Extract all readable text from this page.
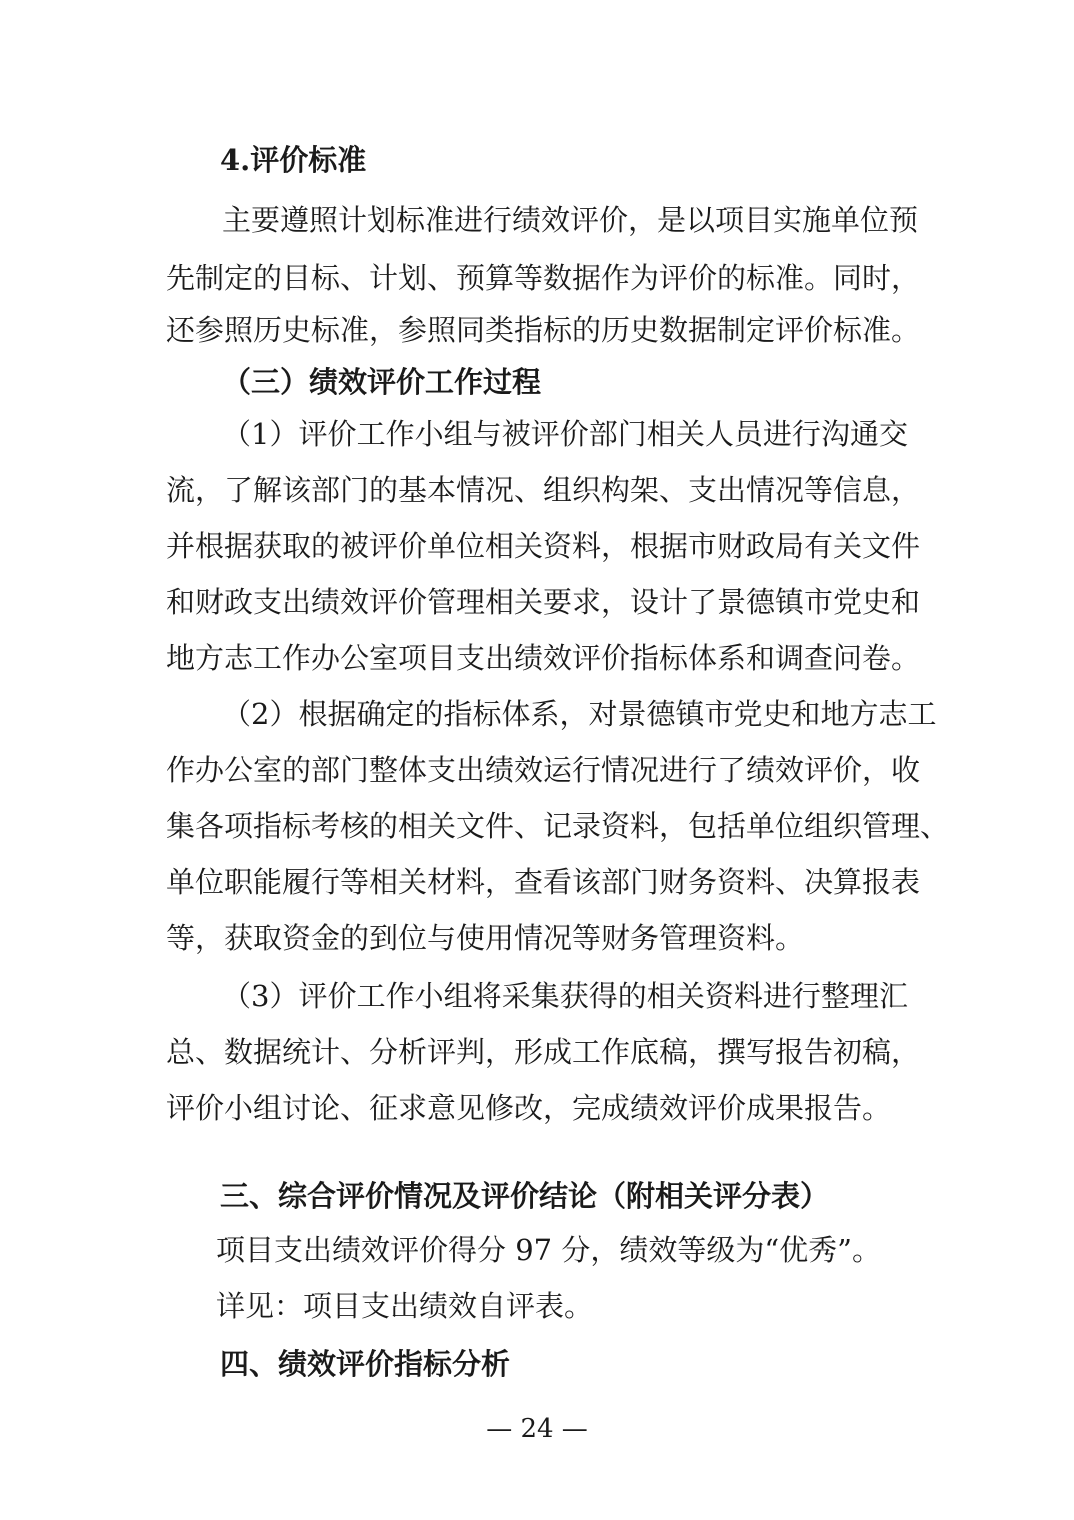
4.评价标准
主要遵照计划标准进行绩效评价，是以项目实施单位预
先制定的目标、计划、预算等数据作为评价的标准。同时，
还参照历史标准，参照同类指标的历史数据制定评价标准。
（三）绩效评价工作过程
（1）评价工作小组与被评价部门相关人员进行沟通交
流，了解该部门的基本情况、组织构架、支出情况等信息，
并根据获取的被评价单位相关资料，根据市财政局有关文件
和财政支出绩效评价管理相关要求，设计了景德镇市党史和
地方志工作办公室项目支出绩效评价指标体系和调查问卷。
（2）根据确定的指标体系，对景德镇市党史和地方志工
作办公室的部门整体支出绩效运行情况进行了绩效评价，收
集各项指标考核的相关文件、记录资料，包括单位组织管理、
单位职能履行等相关材料，查看该部门财务资料、决算报表
等，获取资金的到位与使用情况等财务管理资料。
（3）评价工作小组将采集获得的相关资料进行整理汇
总、数据统计、分析评判，形成工作底稿，撰写报告初稿，
评价小组讨论、征求意见修改，完成绩效评价成果报告。
三、综合评价情况及评价结论（附相关评分表）
项目支出绩效评价得分 97 分，绩效等级为“优秀”。
详见：项目支出绩效自评表。
四、绩效评价指标分析
— 24 —
